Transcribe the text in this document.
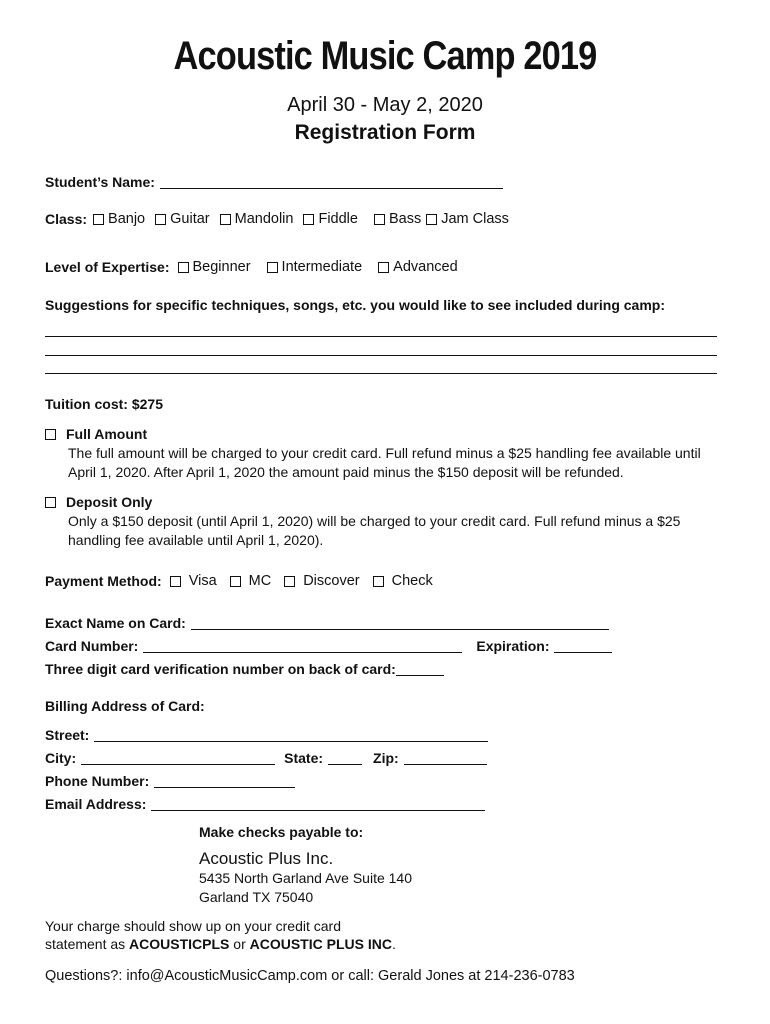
Acoustic Music Camp 2019
April 30 - May 2, 2020
Registration Form
Student’s Name:
Class: Banjo Guitar Mandolin Fiddle Bass Jam Class
Level of Expertise: Beginner Intermediate Advanced
Suggestions for specific techniques, songs, etc. you would like to see included during camp:
Tuition cost: $275
Full Amount
The full amount will be charged to your credit card. Full refund minus a $25 handling fee available until April 1, 2020. After April 1, 2020 the amount paid minus the $150 deposit will be refunded.
Deposit Only
Only a $150 deposit (until April 1, 2020) will be charged to your credit card. Full refund minus a $25 handling fee available until April 1, 2020).
Payment Method: Visa MC Discover Check
Exact Name on Card:
Card Number:	Expiration:
Three digit card verification number on back of card:
Billing Address of Card:
Street:
City:	State:	Zip:
Phone Number:
Email Address:
Make checks payable to:
Acoustic Plus Inc.
5435 North Garland Ave Suite 140
Garland TX 75040
Your charge should show up on your credit card
statement as ACOUSTICPLS or ACOUSTIC PLUS INC.
Questions?: info@AcousticMusicCamp.com or call: Gerald Jones at 214-236-0783
